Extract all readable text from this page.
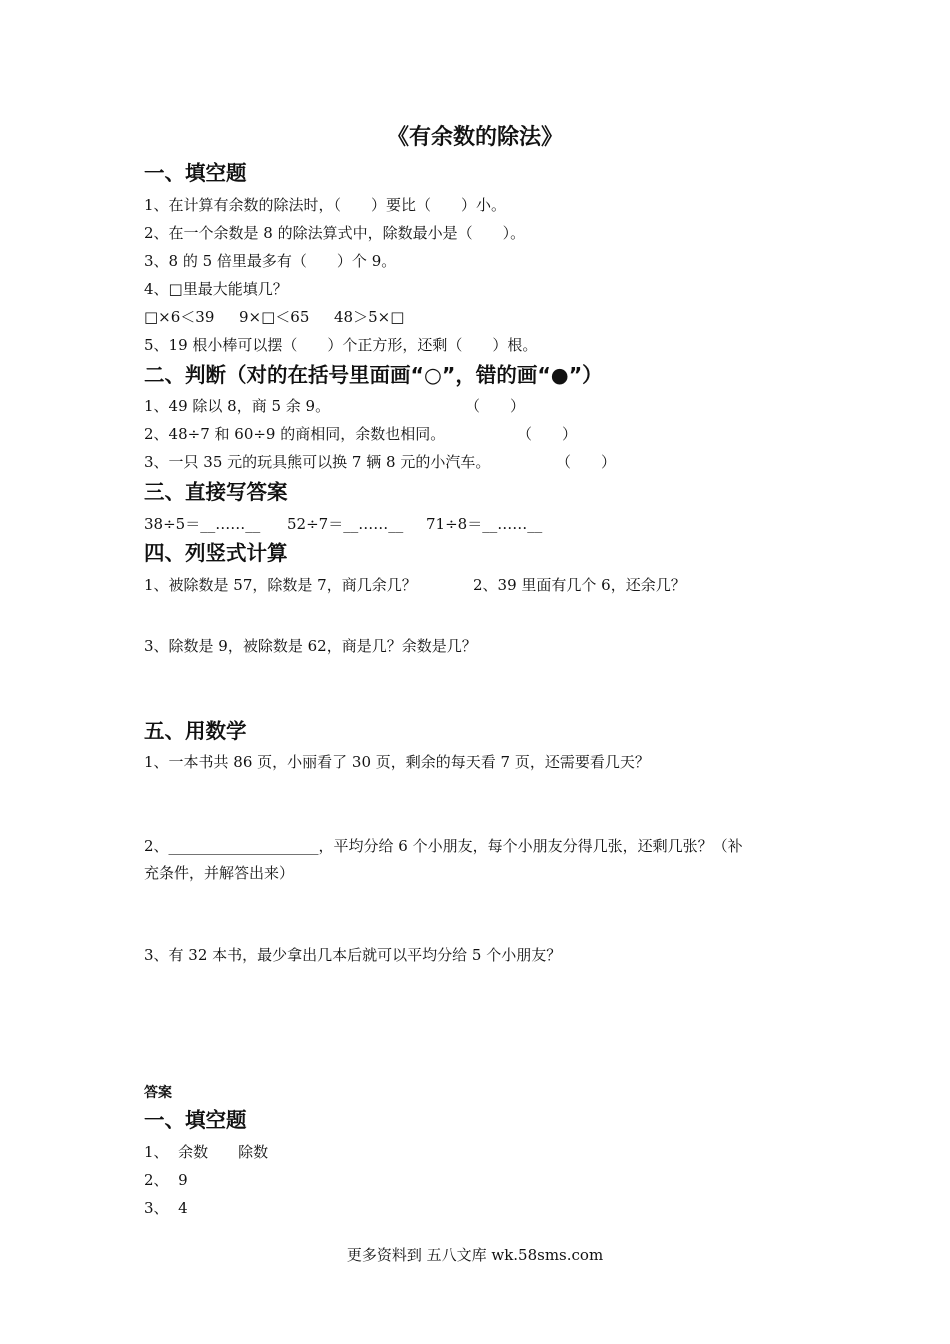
《有余数的除法》
一、填空题
1、在计算有余数的除法时，（　　）要比（　　）小。
2、在一个余数是 8 的除法算式中，除数最小是（　　）。
3、8 的 5 倍里最多有（　　）个 9。
4、□里最大能填几？
□×6＜39 9×□＜65 48＞5×□
5、19 根小棒可以摆（　　）个正方形，还剩（　　）根。
二、判断（对的在括号里面画“○”，错的画“●”）
1、49 除以 8，商 5 余 9。	（　　）
2、48÷7 和 60÷9 的商相同，余数也相同。	（　　）
3、一只 35 元的玩具熊可以换 7 辆 8 元的小汽车。	（　　）
三、直接写答案
38÷5＝__……__ 52÷7＝__……__ 71÷8＝__……__
四、列竖式计算
1、被除数是 57，除数是 7，商几余几？	2、39 里面有几个 6，还余几？
3、除数是 9，被除数是 62，商是几？余数是几？
五、用数学
1、一本书共 86 页，小丽看了 30 页，剩余的每天看 7 页，还需要看几天？
2、____________________，平均分给 6 个小朋友，每个小朋友分得几张，还剩几张？（补
充条件，并解答出来）
3、有 32 本书，最少拿出几本后就可以平均分给 5 个小朋友？
答案
一、填空题
1、  余数　　除数
2、  9
3、  4
更多资料到 五八文库 wk.58sms.com
